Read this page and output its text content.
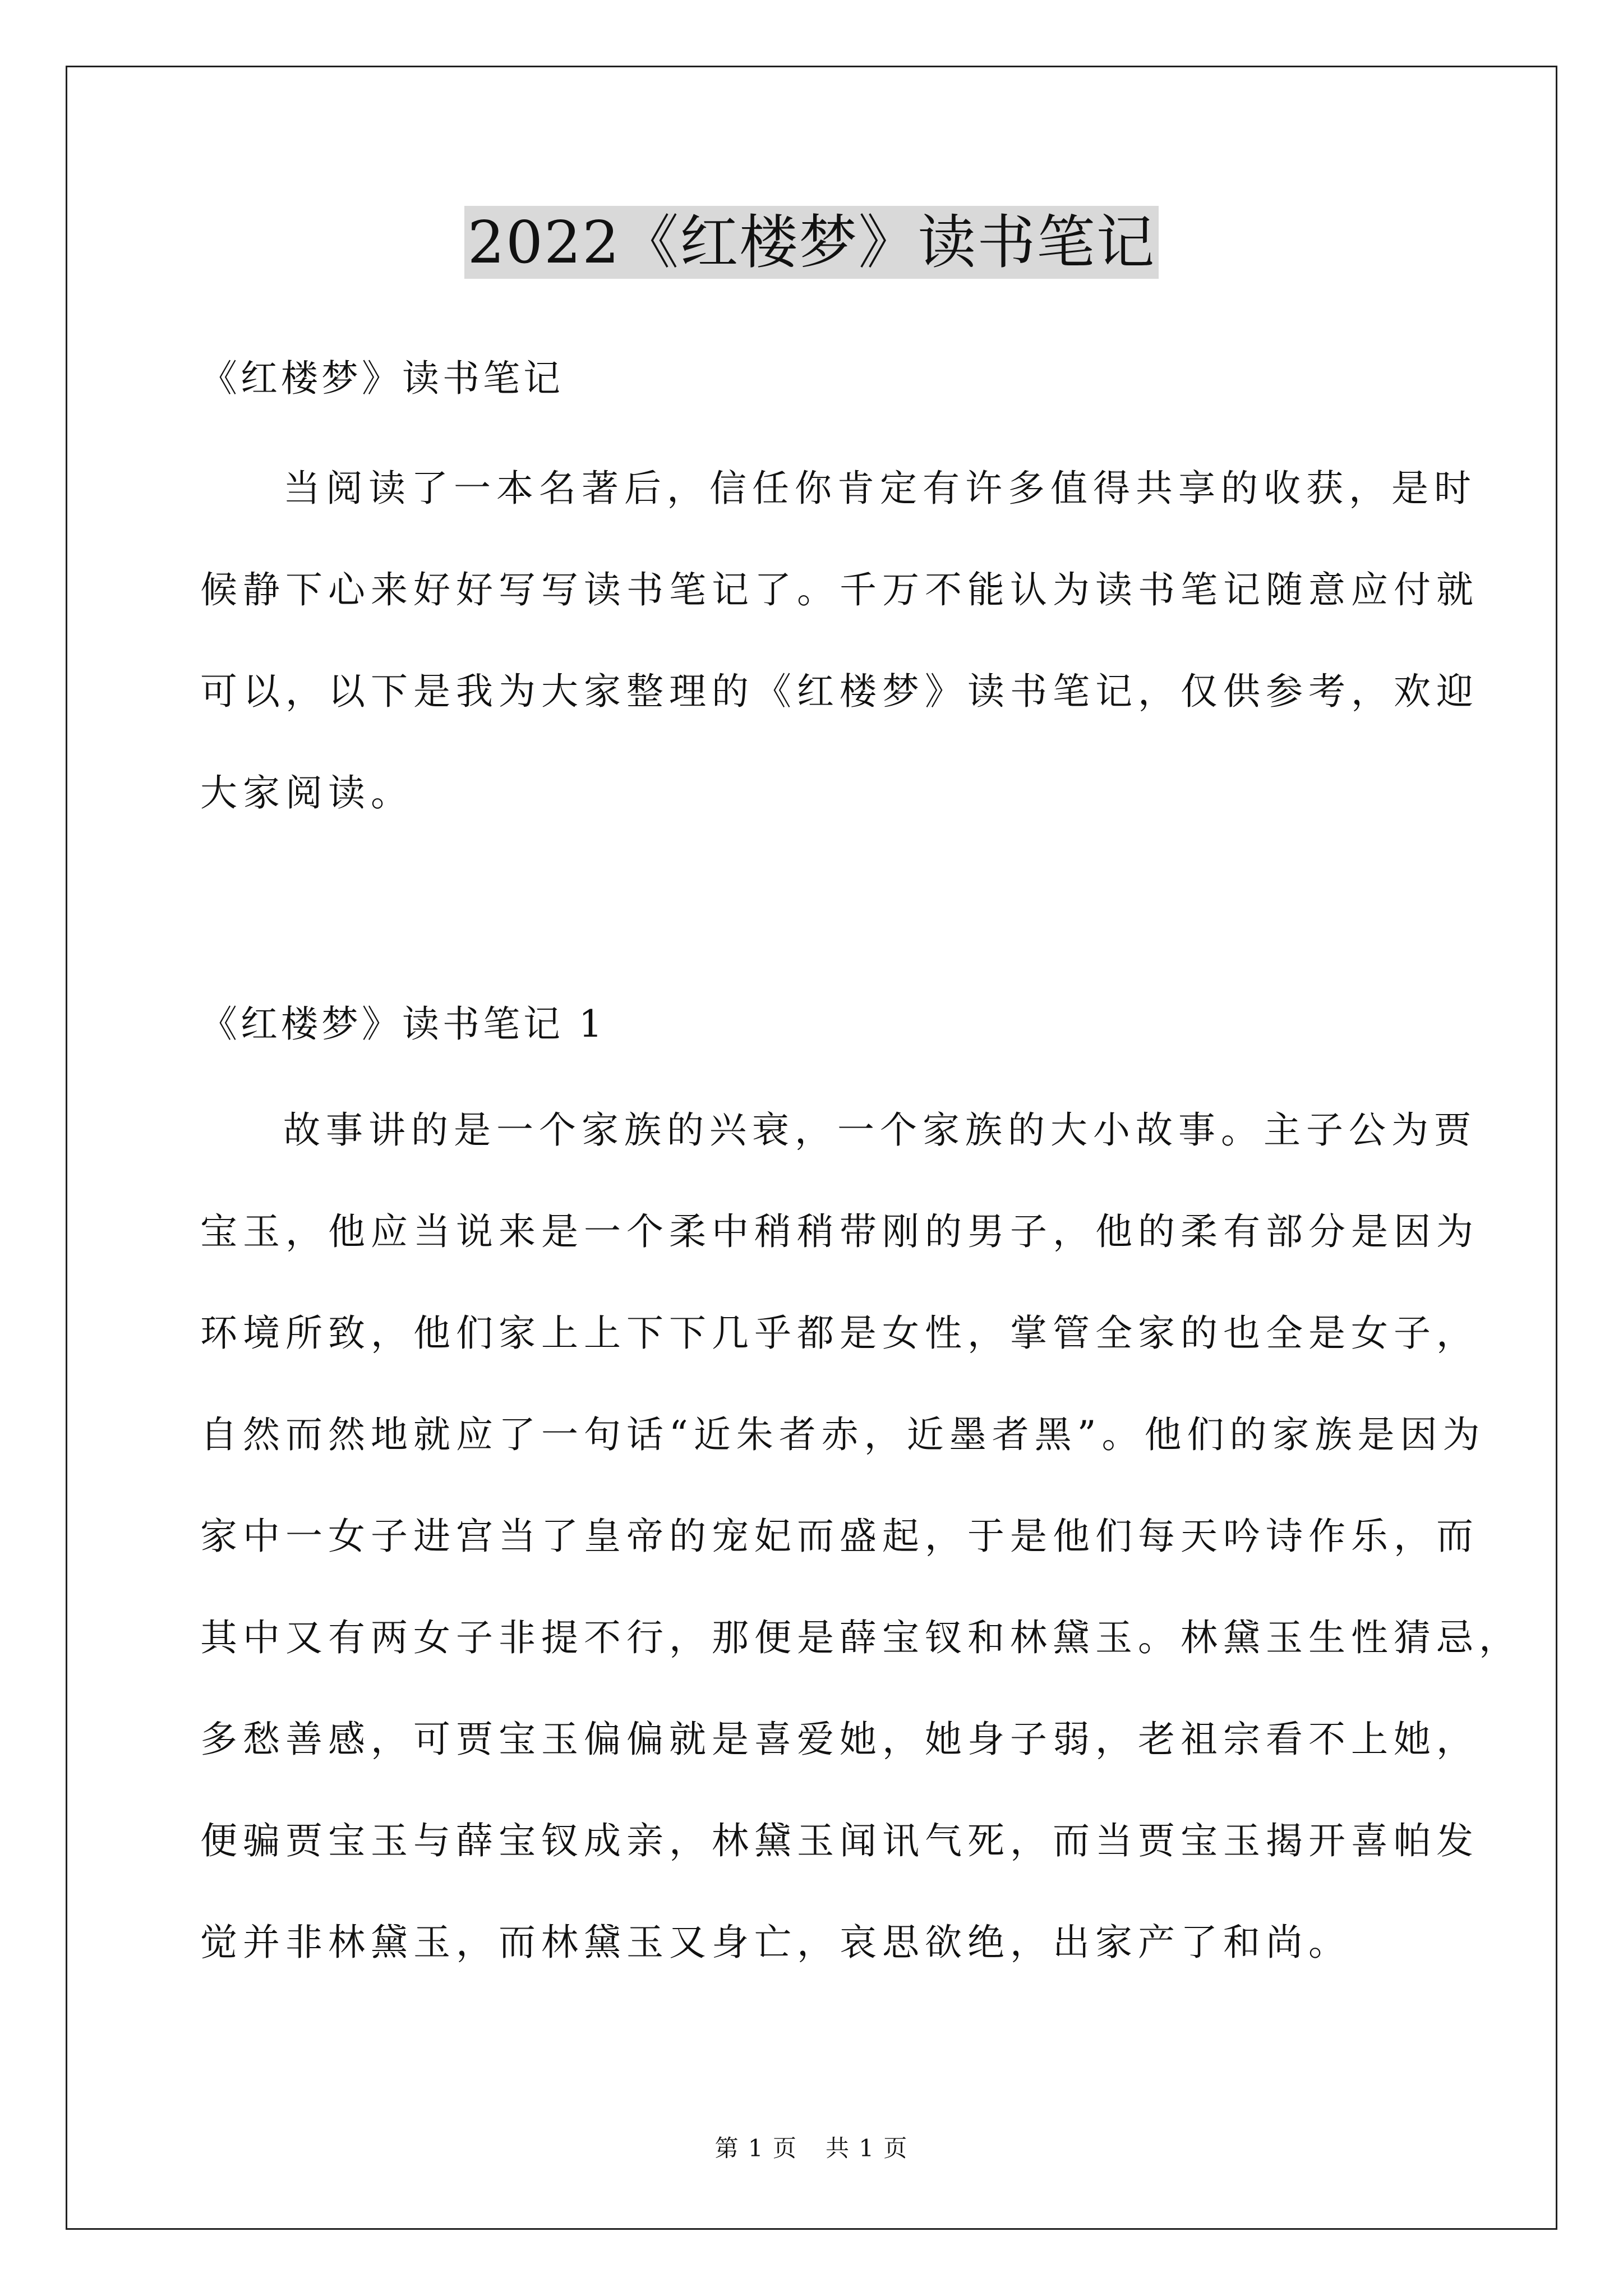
2022《红楼梦》读书笔记
《红楼梦》读书笔记
当阅读了一本名著后，信任你肯定有许多值得共享的收获，是时
候静下心来好好写写读书笔记了。千万不能认为读书笔记随意应付就
可以，以下是我为大家整理的《红楼梦》读书笔记，仅供参考，欢迎
大家阅读。
《红楼梦》读书笔记 1
故事讲的是一个家族的兴衰，一个家族的大小故事。主子公为贾
宝玉，他应当说来是一个柔中稍稍带刚的男子，他的柔有部分是因为
环境所致，他们家上上下下几乎都是女性，掌管全家的也全是女子，
自然而然地就应了一句话“近朱者赤，近墨者黑”。他们的家族是因为
家中一女子进宫当了皇帝的宠妃而盛起，于是他们每天吟诗作乐，而
其中又有两女子非提不行，那便是薛宝钗和林黛玉。林黛玉生性猜忌，
多愁善感，可贾宝玉偏偏就是喜爱她，她身子弱，老祖宗看不上她，
便骗贾宝玉与薛宝钗成亲，林黛玉闻讯气死，而当贾宝玉揭开喜帕发
觉并非林黛玉，而林黛玉又身亡，哀思欲绝，出家产了和尚。
第 1 页 共 1 页
